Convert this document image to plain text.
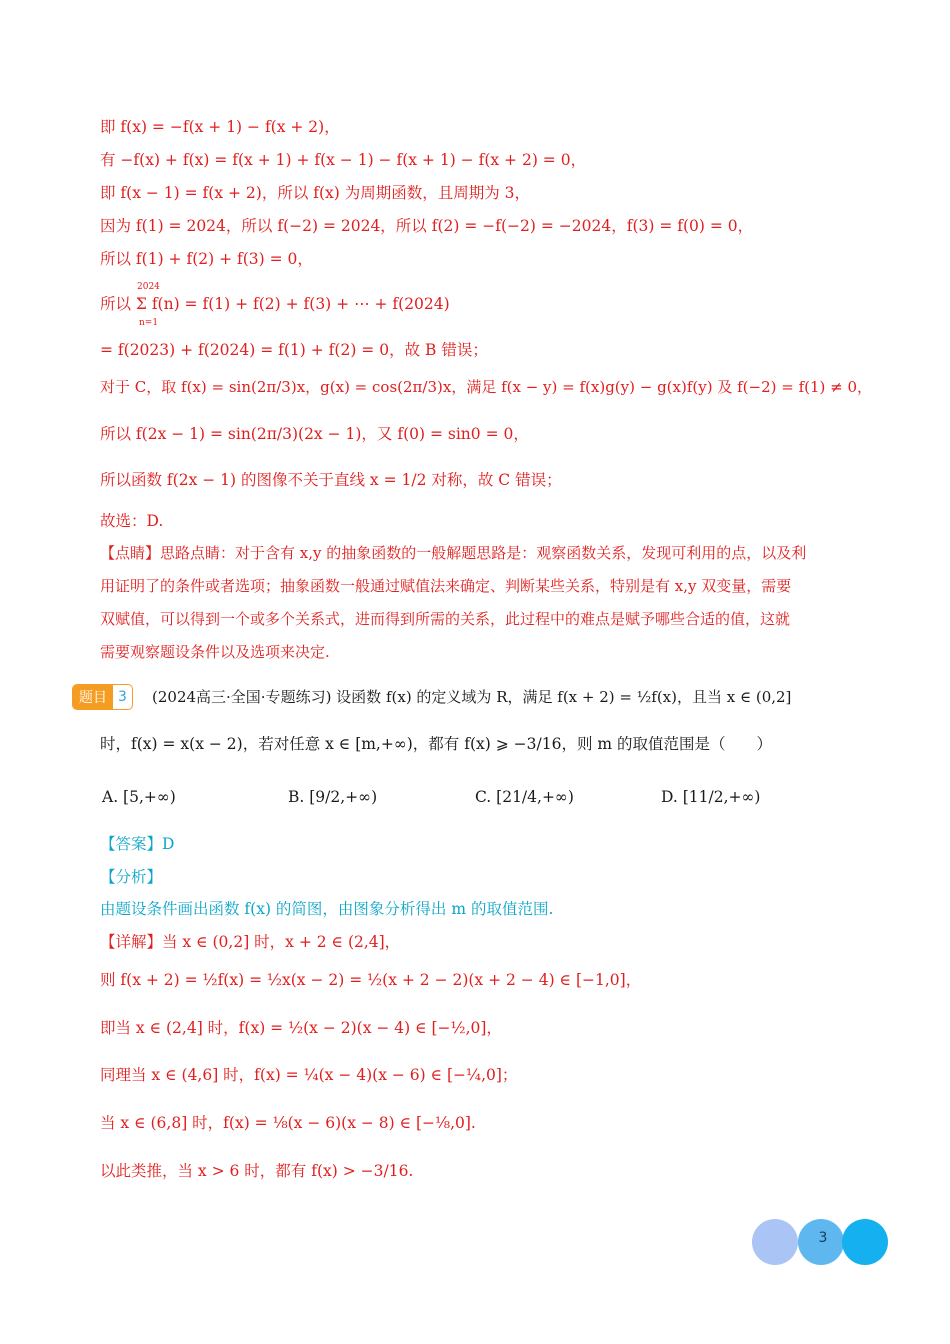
即 f(x) = −f(x + 1) − f(x + 2)，
有 −f(x) + f(x) = f(x + 1) + f(x − 1) − f(x + 1) − f(x + 2) = 0，
即 f(x − 1) = f(x + 2)，所以 f(x) 为周期函数，且周期为 3，
因为 f(1) = 2024，所以 f(−2) = 2024，所以 f(2) = −f(−2) = −2024，f(3) = f(0) = 0，
所以 f(1) + f(2) + f(3) = 0，
2024
n=1
所以 Σ f(n) = f(1) + f(2) + f(3) + ⋯ + f(2024)
= f(2023) + f(2024) = f(1) + f(2) = 0，故 B 错误；
对于 C，取 f(x) = sin(2π/3)x，g(x) = cos(2π/3)x，满足 f(x − y) = f(x)g(y) − g(x)f(y) 及 f(−2) = f(1) ≠ 0，
所以 f(2x − 1) = sin(2π/3)(2x − 1)，又 f(0) = sin0 = 0，
所以函数 f(2x − 1) 的图像不关于直线 x = 1/2 对称，故 C 错误；
故选：D.
【点睛】思路点睛：对于含有 x,y 的抽象函数的一般解题思路是：观察函数关系，发现可利用的点，以及利
用证明了的条件或者选项；抽象函数一般通过赋值法来确定、判断某些关系，特别是有 x,y 双变量，需要
双赋值，可以得到一个或多个关系式，进而得到所需的关系，此过程中的难点是赋予哪些合适的值，这就
需要观察题设条件以及选项来决定.
题目 3	(2024高三·全国·专题练习) 设函数 f(x) 的定义域为 R，满足 f(x + 2) = ½f(x)，且当 x ∈ (0,2]
时，f(x) = x(x − 2)，若对任意 x ∈ [m,+∞)，都有 f(x) ⩾ −3/16，则 m 的取值范围是（　　）
A. [5,+∞)	B. [9/2,+∞)	C. [21/4,+∞)	D. [11/2,+∞)
【答案】D
【分析】
由题设条件画出函数 f(x) 的简图，由图象分析得出 m 的取值范围.
【详解】当 x ∈ (0,2] 时，x + 2 ∈ (2,4]，
则 f(x + 2) = ½f(x) = ½x(x − 2) = ½(x + 2 − 2)(x + 2 − 4) ∈ [−1,0]，
即当 x ∈ (2,4] 时，f(x) = ½(x − 2)(x − 4) ∈ [−½,0]，
同理当 x ∈ (4,6] 时，f(x) = ¼(x − 4)(x − 6) ∈ [−¼,0]；
当 x ∈ (6,8] 时，f(x) = ⅛(x − 6)(x − 8) ∈ [−⅛,0].
以此类推，当 x > 6 时，都有 f(x) > −3/16.
3
